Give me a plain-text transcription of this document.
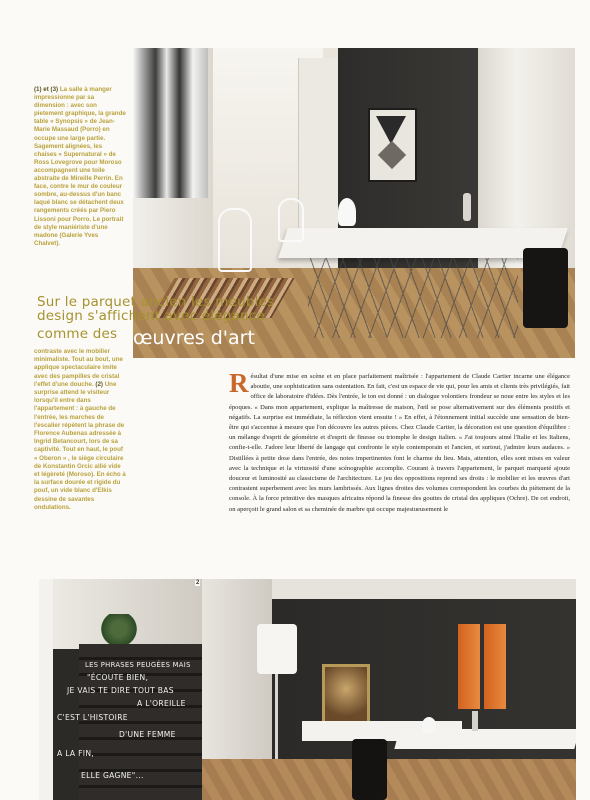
Sur le parquet ancien les meubles
design s'affichent avec élégance
comme des œuvres d'art
(1) et (3) La salle à manger impressionne par sa dimension : avec son pietement graphique, la grande table « Synopsis » de Jean-Marie Massaud (Porro) en occupe une large partie. Sagement alignées, les chaises « Supernatural » de Ross Lovegrove pour Moroso accompagnent une toile abstraite de Mireille Perrin. En face, contre le mur de couleur sombre, au-dessus d'un banc laqué blanc se détachent deux rangements créés par Piero Lissoni pour Porro. Le portrait de style maniériste d'une madone (Galerie Yves Chalvet).
contraste avec le mobilier minimaliste. Tout au bout, une applique spectaculaire imite avec des pampilles de cristal l'effet d'une douche. (2) Une surprise attend le visiteur lorsqu'il entre dans l'appartement : à gauche de l'entrée, les marches de l'escalier répètent la phrase de Florence Aubenas adressée à Ingrid Betancourt, lors de sa captivité. Tout en haut, le pouf « Oberon » , le siège circulaire de Konstantin Grcic allié vide et légèreté (Moroso). En écho à la surface dourée et rigide du pouf, un vide blanc d'Elkis dessine de savantes ondulations.
R ésultat d'une mise en scène et en place parfaitement maîtrisée : l'appartement de Claude Cartier incarne une élégance aboutie, une sophistication sans ostentation. En fait, c'est un espace de vie qui, pour les amis et clients très privilégiés, fait office de laboratoire d'idées. Dès l'entrée, le ton est donné : un dialogue volontiers frondeur se noue entre les styles et les époques. « Dans mon appartement, explique la maîtresse de maison, l'œil se pose alternativement sur des éléments positifs et négatifs. La surprise est immédiate, la réflexion vient ensuite ! » En effet, à l'étonnement initial succède une sensation de bien-être qui s'accentue à mesure que l'on découvre les autres pièces. Chez Claude Cartier, la décoration est une question d'équilibre : un mélange d'esprit de géométrie et d'esprit de finesse ou triomphe le design italien. « J'ai toujours aimé l'Italie et les Italiens, confie-t-elle. J'adore leur liberté de langage qui confronte le style contemporain et l'ancien, et surtout, j'admire leurs audaces. » Distillées à petite dose dans l'entrée, des notes impertinentes font le charme du lieu. Mais, attention, elles sont mises en valeur avec la technique et la virtuosité d'une scénographie accomplie. Courant à travers l'appartement, le parquet marqueté ajoute douceur et luminosité au classicisme de l'architecture. Le jeu des oppositions reprend ses droits : le mobilier et les œuvres d'art contrastent superbement avec les murs lambrissés. Aux lignes droites des volumes correspondent les courbes du piètement de la console. À la force primitive des masques africains répond la finesse des gouttes de cristal des appliques (Ochre). De cet endroit, on aperçoit le grand salon et sa cheminée de marbre qui occupe majestueusement le
LES PHRASES PEUGÉES MAIS
"ÉCOUTE BIEN,
JE VAIS TE DIRE TOUT BAS
A L'OREILLE
C'EST L'HISTOIRE
D'UNE FEMME
A LA FIN,
ELLE GAGNE"...
2
